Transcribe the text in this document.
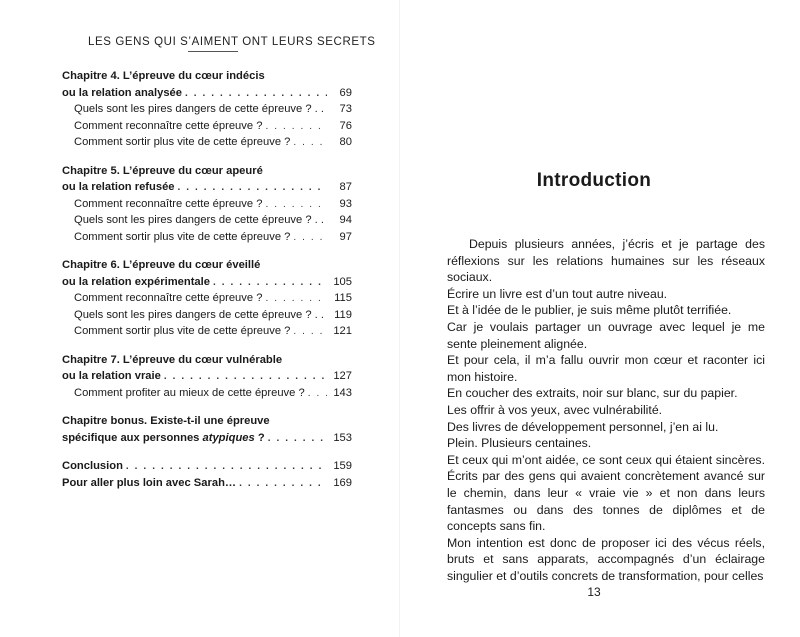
LES GENS QUI S’AIMENT ONT LEURS SECRETS
Chapitre 4. L’épreuve du cœur indécis
ou la relation analysée . . .	69
Quels sont les pires dangers de cette épreuve ? . .	73
Comment reconnaître cette épreuve ? . . .	76
Comment sortir plus vite de cette épreuve ? . . .	80
Chapitre 5. L’épreuve du cœur apeuré
ou la relation refusée . . .	87
Comment reconnaître cette épreuve ? . . .	93
Quels sont les pires dangers de cette épreuve ? . .	94
Comment sortir plus vite de cette épreuve ? . . .	97
Chapitre 6. L’épreuve du cœur éveillé
ou la relation expérimentale . . .	105
Comment reconnaître cette épreuve ? . . .	115
Quels sont les pires dangers de cette épreuve ? . . 119
Comment sortir plus vite de cette épreuve ? . . .	121
Chapitre 7. L’épreuve du cœur vulnérable
ou la relation vraie . . .	127
Comment profiter au mieux de cette épreuve ? . . .	143
Chapitre bonus. Existe-t-il une épreuve
spécifique aux personnes atypiques ? . . .	153
Conclusion . . .	159
Pour aller plus loin avec Sarah… . . .	169
Introduction

Depuis plusieurs années, j’écris et je partage des réflexions sur les relations humaines sur les réseaux sociaux.

Écrire un livre est d’un tout autre niveau.

Et à l’idée de le publier, je suis même plutôt terrifiée.

Car je voulais partager un ouvrage avec lequel je me sente pleinement alignée.

Et pour cela, il m’a fallu ouvrir mon cœur et raconter ici mon histoire.

En coucher des extraits, noir sur blanc, sur du papier.

Les offrir à vos yeux, avec vulnérabilité.

Des livres de développement personnel, j’en ai lu.

Plein. Plusieurs centaines.

Et ceux qui m’ont aidée, ce sont ceux qui étaient sincères. Écrits par des gens qui avaient concrètement avancé sur le chemin, dans leur « vraie vie » et non dans leurs fantasmes ou dans des tonnes de diplômes et de concepts sans fin.

Mon intention est donc de proposer ici des vécus réels, bruts et sans apparats, accompagnés d’un éclairage singulier et d’outils concrets de transformation, pour celles

13
